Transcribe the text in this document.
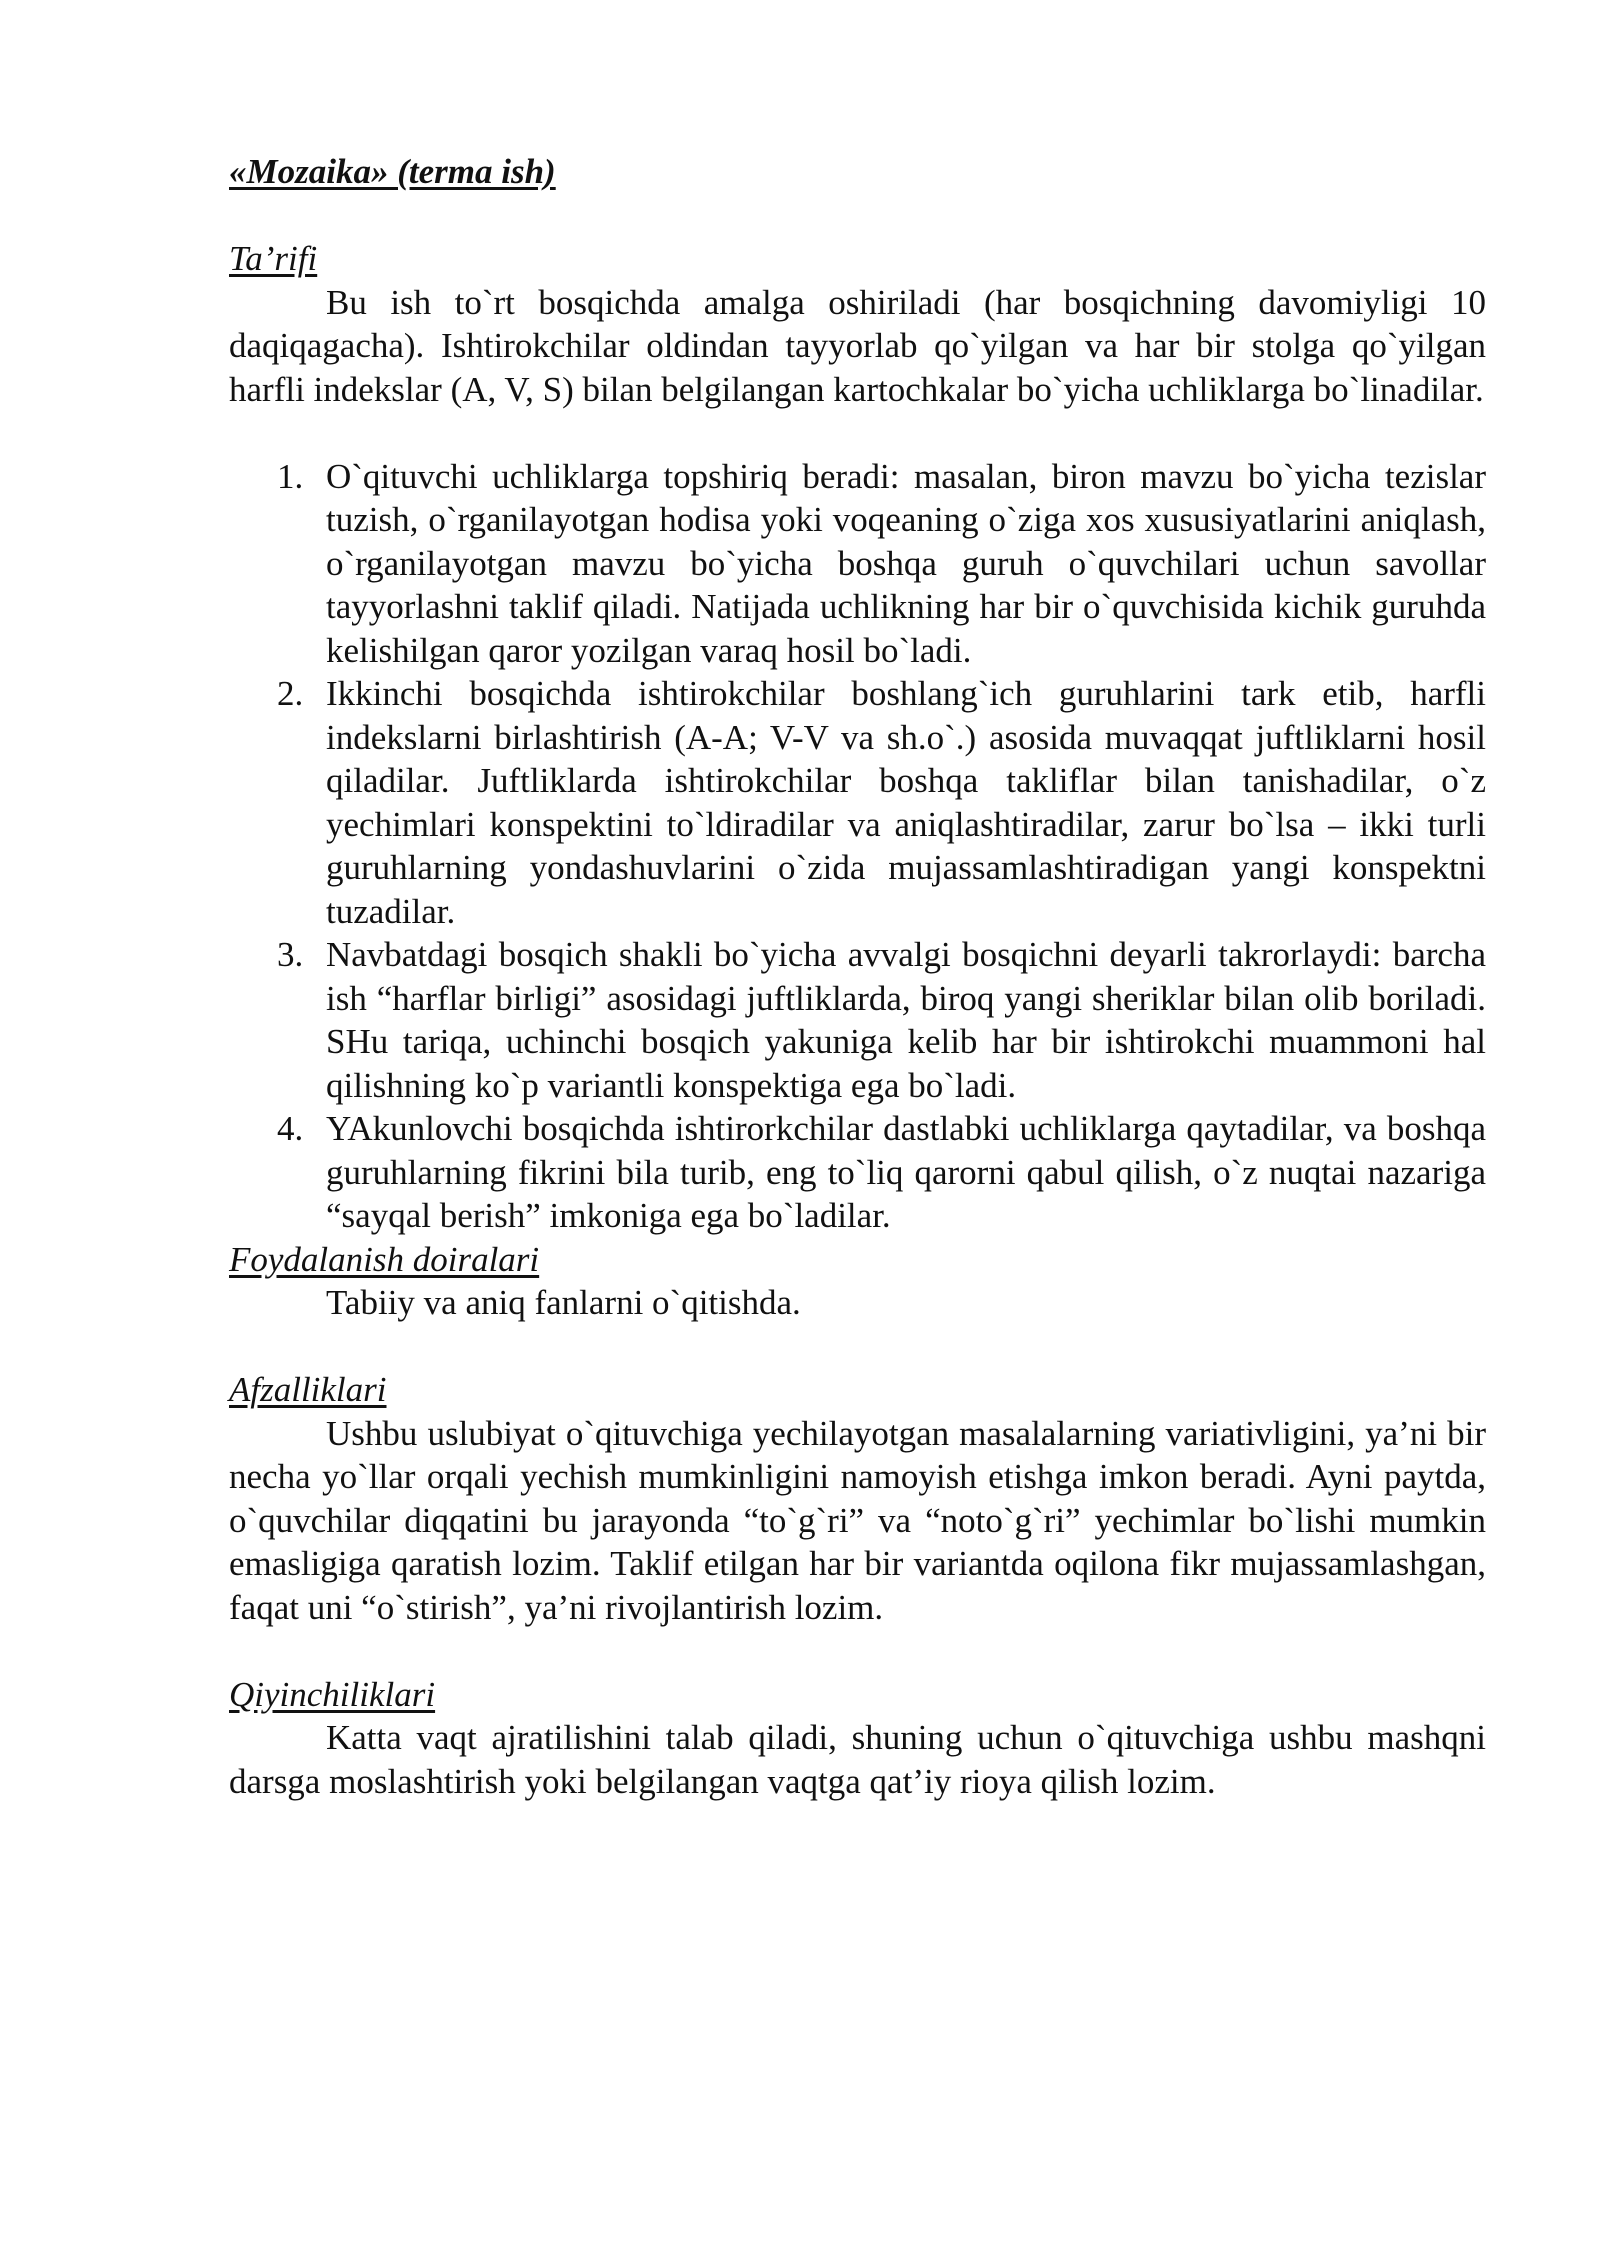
«Mozaika» (terma ish)

Ta’rifi

Bu ish to`rt bosqichda amalga oshiriladi (har bosqichning davomiyligi 10 daqiqagacha). Ishtirokchilar oldindan tayyorlab qo`yilgan va har bir stolga qo`yilgan harfli indekslar (A, V, S) bilan belgilangan kartochkalar bo`yicha uchliklarga bo`linadilar.

1. O`qituvchi uchliklarga topshiriq beradi: masalan, biron mavzu bo`yicha tezislar tuzish, o`rganilayotgan hodisa yoki voqeaning o`ziga xos xususiyatlarini aniqlash, o`rganilayotgan mavzu bo`yicha boshqa guruh o`quvchilari uchun savollar tayyorlashni taklif qiladi. Natijada uchlikning har bir o`quvchisida kichik guruhda kelishilgan qaror yozilgan varaq hosil bo`ladi.
2. Ikkinchi bosqichda ishtirokchilar boshlang`ich guruhlarini tark etib, harfli indekslarni birlashtirish (A-A; V-V va sh.o`.) asosida muvaqqat juftliklarni hosil qiladilar. Juftliklarda ishtirokchilar boshqa takliflar bilan tanishadilar, o`z yechimlari konspektini to`ldiradilar va aniqlashtiradilar, zarur bo`lsa – ikki turli guruhlarning yondashuvlarini o`zida mujassamlashtiradigan yangi konspektni tuzadilar.
3. Navbatdagi bosqich shakli bo`yicha avvalgi bosqichni deyarli takrorlaydi: barcha ish “harflar birligi” asosidagi juftliklarda, biroq yangi sheriklar bilan olib boriladi. SHu tariqa, uchinchi bosqich yakuniga kelib har bir ishtirokchi muammoni hal qilishning ko`p variantli konspektiga ega bo`ladi.
4. YAkunlovchi bosqichda ishtirorkchilar dastlabki uchliklarga qaytadilar, va boshqa guruhlarning fikrini bila turib, eng to`liq qarorni qabul qilish, o`z nuqtai nazariga “sayqal berish” imkoniga ega bo`ladilar.

Foydalanish doiralari

Tabiiy va aniq fanlarni o`qitishda.

Afzalliklari

Ushbu uslubiyat o`qituvchiga yechilayotgan masalalarning variativligini, ya’ni bir necha yo`llar orqali yechish mumkinligini namoyish etishga imkon beradi. Ayni paytda, o`quvchilar diqqatini bu jarayonda “to`g`ri” va “noto`g`ri” yechimlar bo`lishi mumkin emasligiga qaratish lozim. Taklif etilgan har bir variantda oqilona fikr mujassamlashgan, faqat uni “o`stirish”, ya’ni rivojlantirish lozim.

Qiyinchiliklari

Katta vaqt ajratilishini talab qiladi, shuning uchun o`qituvchiga ushbu mashqni darsga moslashtirish yoki belgilangan vaqtga qat’iy rioya qilish lozim.
